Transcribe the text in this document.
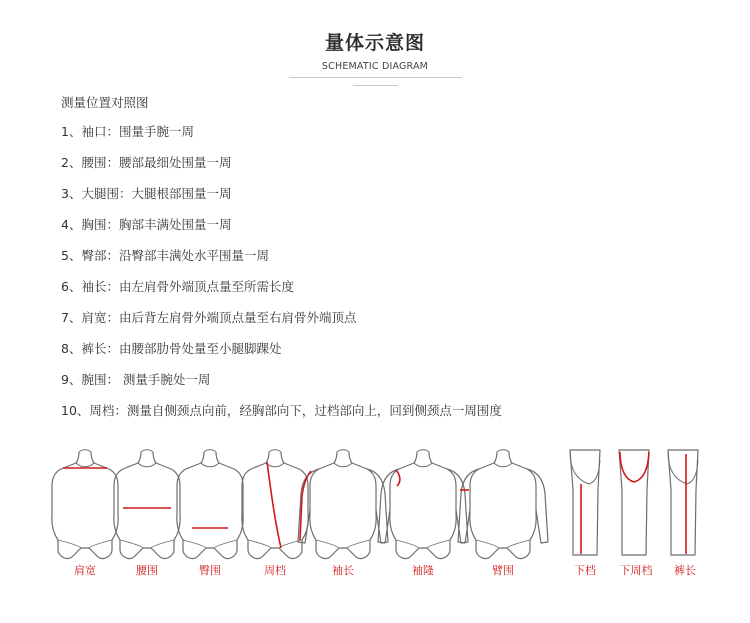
量体示意图
SCHEMATIC DIAGRAM
测量位置对照图
1、袖口：围量手腕一周
2、腰围：腰部最细处围量一周
3、大腿围：大腿根部围量一周
4、胸围：胸部丰满处围量一周
5、臀部：沿臀部丰满处水平围量一周
6、袖长：由左肩骨外端顶点量至所需长度
7、肩宽：由后背左肩骨外端顶点量至右肩骨外端顶点
8、裤长：由腰部肋骨处量至小腿脚踝处
9、腕围： 测量手腕处一周
10、周档：测量自侧颈点向前，经胸部向下，过档部向上，回到侧颈点一周围度
肩宽	腰围	臀围	周档	袖长	袖隆	臂围	下档 下周档 裤长
